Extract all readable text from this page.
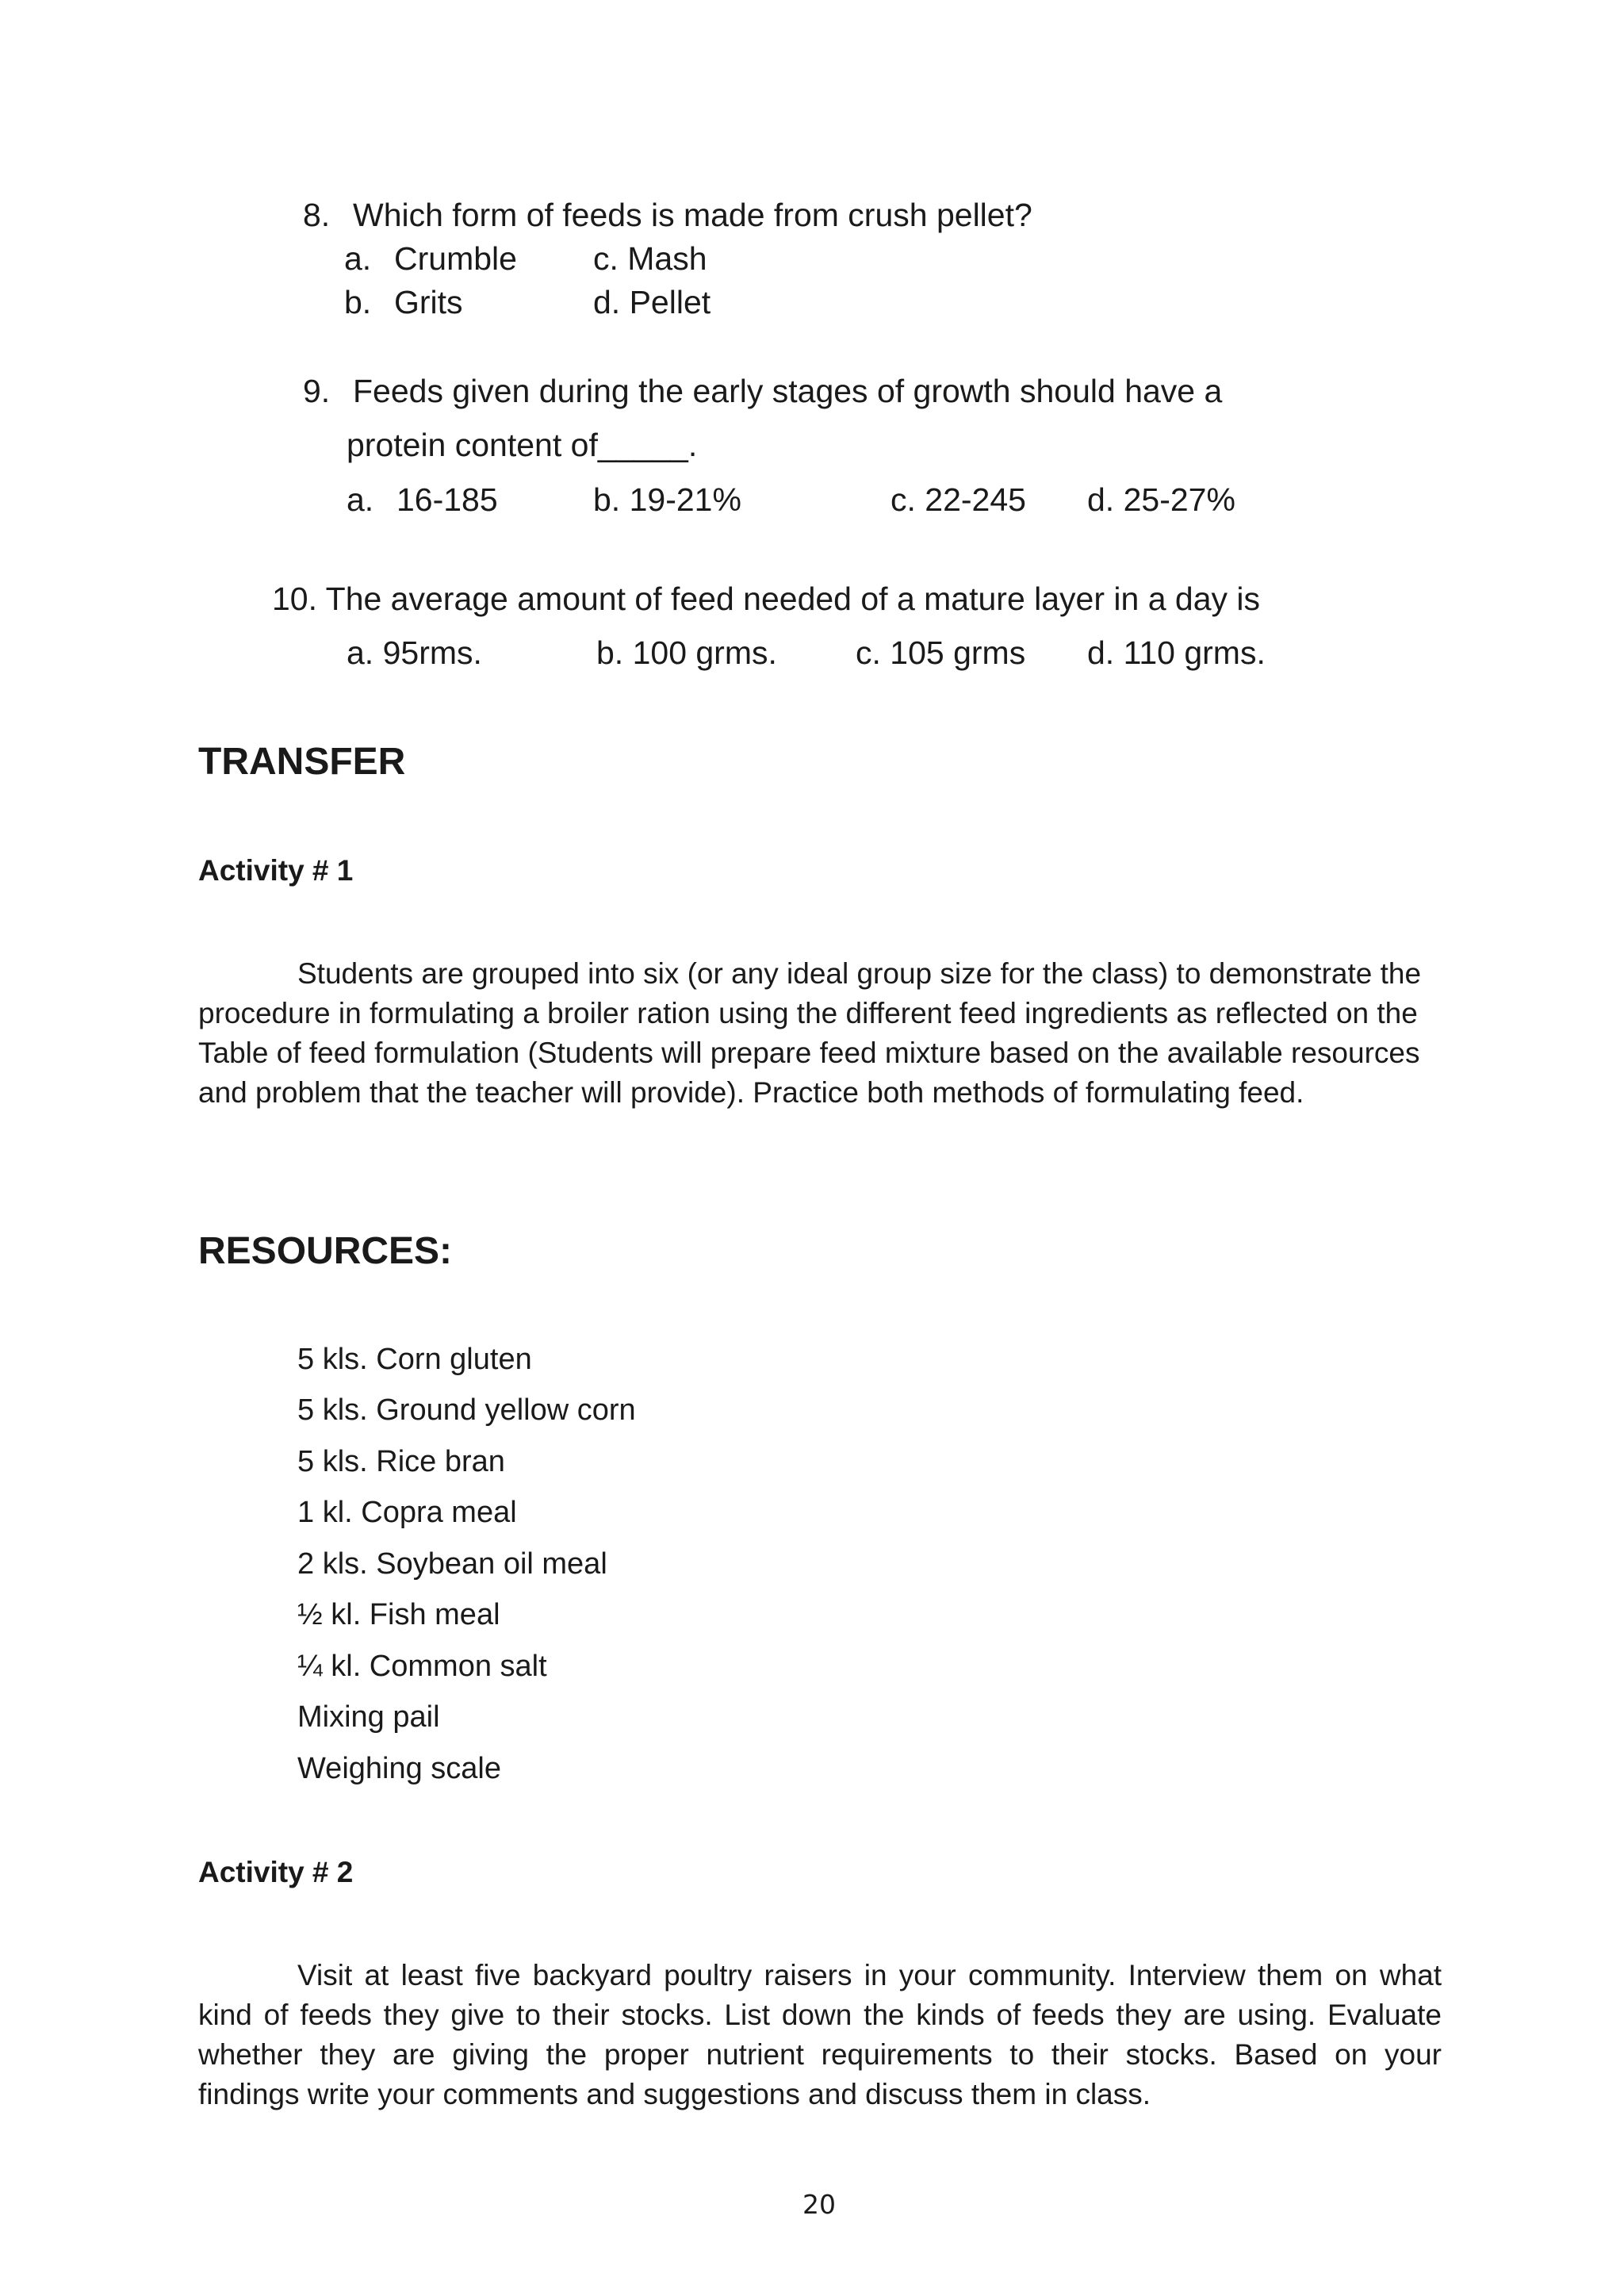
8. Which form of feeds is made from crush pellet?
a. Crumble c. Mash
b. Grits	d. Pellet
9. Feeds given during the early stages of growth should have a
protein content of_____.
a. 16-185	b. 19-21%	c. 22-245 d. 25-27%
10. The average amount of feed needed of a mature layer in a day is
a. 95rms.	b. 100 grms. c. 105 grms d. 110 grms.
TRANSFER
Activity # 1
Students are grouped into six (or any ideal group size for the class) to demonstrate the
procedure in formulating a broiler ration using the different feed ingredients as reflected on the
Table of feed formulation (Students will prepare feed mixture based on the available resources
and problem that the teacher will provide). Practice both methods of formulating feed.
RESOURCES:
5 kls. Corn gluten
5 kls. Ground yellow corn
5 kls. Rice bran
1 kl. Copra meal
2 kls. Soybean oil meal
½ kl. Fish meal
¼ kl. Common salt
Mixing pail
Weighing scale
Activity # 2
Visit at least five backyard poultry raisers in your community. Interview them on what
kind of feeds they give to their stocks. List down the kinds of feeds they are using. Evaluate
whether they are giving the proper nutrient requirements to their stocks. Based on your
findings write your comments and suggestions and discuss them in class.
20
